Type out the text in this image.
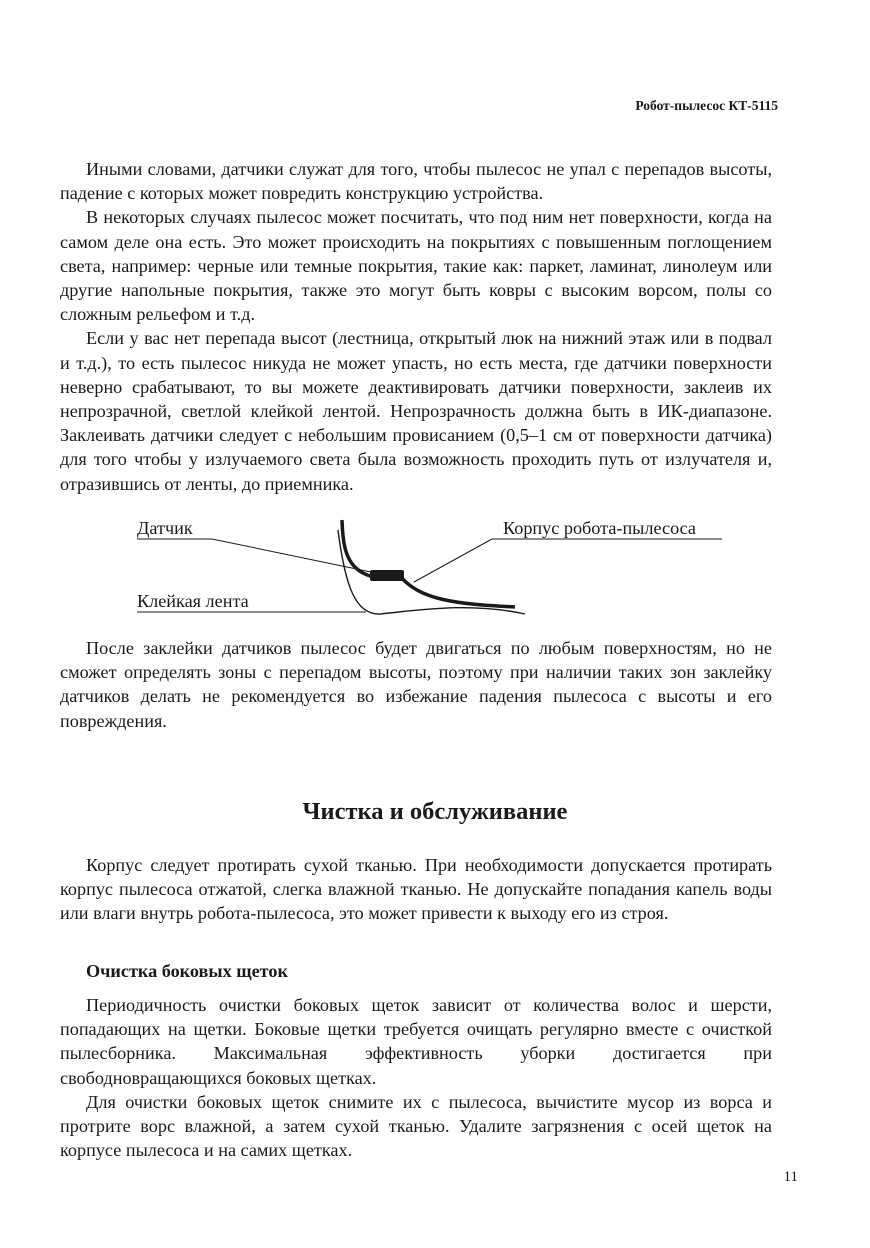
Робот-пылесос КТ-5115

Иными словами, датчики служат для того, чтобы пылесос не упал с перепадов высоты, падение с которых может повредить конструкцию устройства.

В некоторых случаях пылесос может посчитать, что под ним нет поверхности, когда на самом деле она есть. Это может происходить на покрытиях с повышенным поглощением света, например: черные или темные покрытия, такие как: паркет, ламинат, линолеум или другие напольные покрытия, также это могут быть ковры с высоким ворсом, полы со сложным рельефом и т.д.

Если у вас нет перепада высот (лестница, открытый люк на нижний этаж или в подвал и т.д.), то есть пылесос никуда не может упасть, но есть места, где датчики поверхности неверно срабатывают, то вы можете деактивировать датчики поверхности, заклеив их непрозрачной, светлой клейкой лентой. Непрозрачность должна быть в ИК-диапазоне. Заклеивать датчики следует с небольшим провисанием (0,5–1 см от поверхности датчика) для того чтобы у излучаемого света была возможность проходить путь от излучателя и, отразившись от ленты, до приемника.

Датчик	Корпус робота-пылесоса

Клейкая лента

После заклейки датчиков пылесос будет двигаться по любым поверхностям, но не сможет определять зоны с перепадом высоты, поэтому при наличии таких зон заклейку датчиков делать не рекомендуется во избежание падения пылесоса с высоты и его повреждения.

Чистка и обслуживание

Корпус следует протирать сухой тканью. При необходимости допускается протирать корпус пылесоса отжатой, слегка влажной тканью. Не допускайте попадания капель воды или влаги внутрь робота-пылесоса, это может привести к выходу его из строя.

Очистка боковых щеток

Периодичность очистки боковых щеток зависит от количества волос и шерсти, попадающих на щетки. Боковые щетки требуется очищать регулярно вместе с очисткой пылесборника. Максимальная эффективность уборки достигается при свободновращающихся боковых щетках.

Для очистки боковых щеток снимите их с пылесоса, вычистите мусор из ворса и протрите ворс влажной, а затем сухой тканью. Удалите загрязнения с осей щеток на корпусе пылесоса и на самих щетках.

11
